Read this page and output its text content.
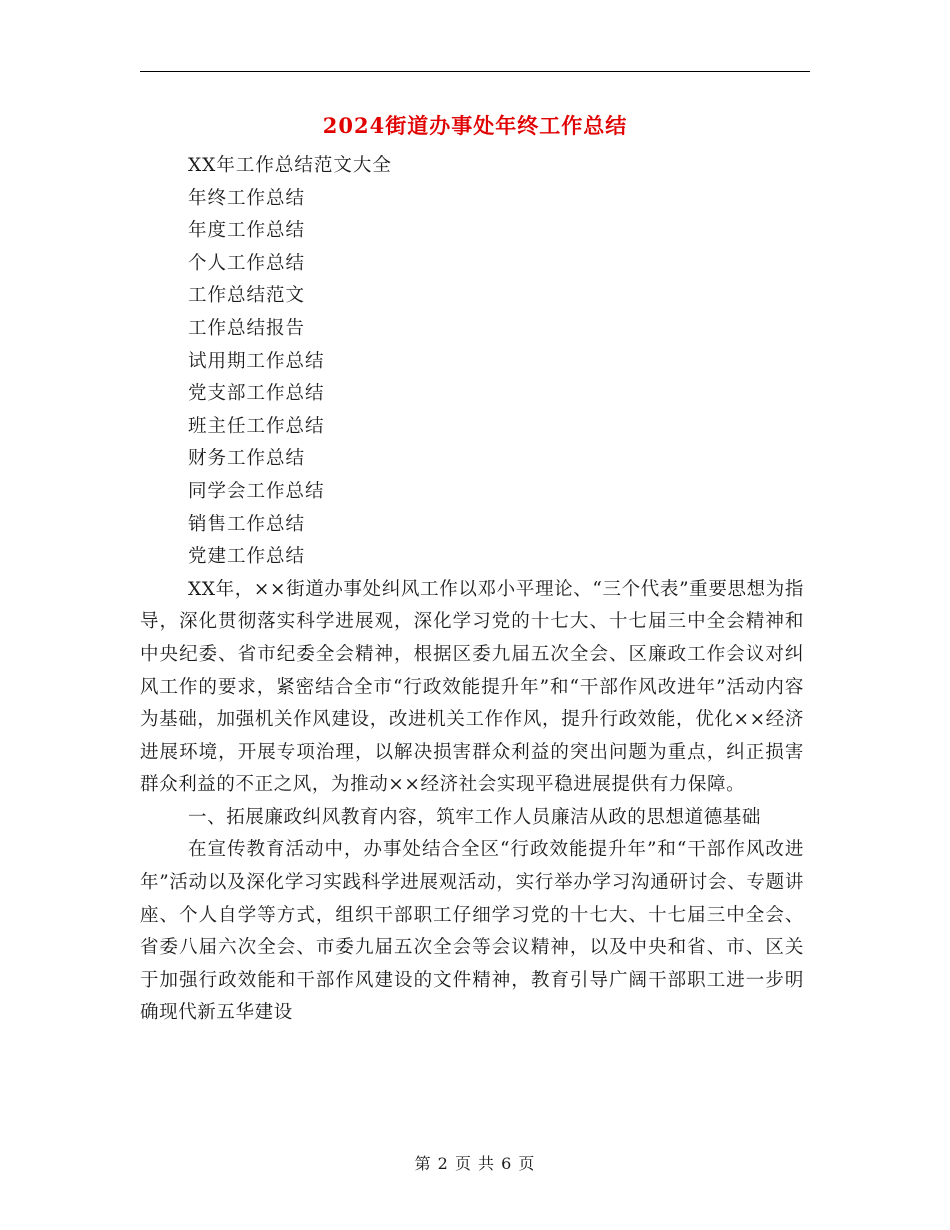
2024街道办事处年终工作总结
XX年工作总结范文大全
年终工作总结
年度工作总结
个人工作总结
工作总结范文
工作总结报告
试用期工作总结
党支部工作总结
班主任工作总结
财务工作总结
同学会工作总结
销售工作总结
党建工作总结

XX年，××街道办事处纠风工作以邓小平理论、“三个代表”重要思想为指导，深化贯彻落实科学进展观，深化学习党的十七大、十七届三中全会精神和中央纪委、省市纪委全会精神，根据区委九届五次全会、区廉政工作会议对纠风工作的要求，紧密结合全市“行政效能提升年”和“干部作风改进年”活动内容为基础，加强机关作风建设，改进机关工作作风，提升行政效能，优化××经济进展环境，开展专项治理，以解决损害群众利益的突出问题为重点，纠正损害群众利益的不正之风，为推动××经济社会实现平稳进展提供有力保障。

一、拓展廉政纠风教育内容，筑牢工作人员廉洁从政的思想道德基础

在宣传教育活动中，办事处结合全区“行政效能提升年”和“干部作风改进年”活动以及深化学习实践科学进展观活动，实行举办学习沟通研讨会、专题讲座、个人自学等方式，组织干部职工仔细学习党的十七大、十七届三中全会、省委八届六次全会、市委九届五次全会等会议精神，以及中央和省、市、区关于加强行政效能和干部作风建设的文件精神，教育引导广阔干部职工进一步明确现代新五华建设

第 2 页 共 6 页
